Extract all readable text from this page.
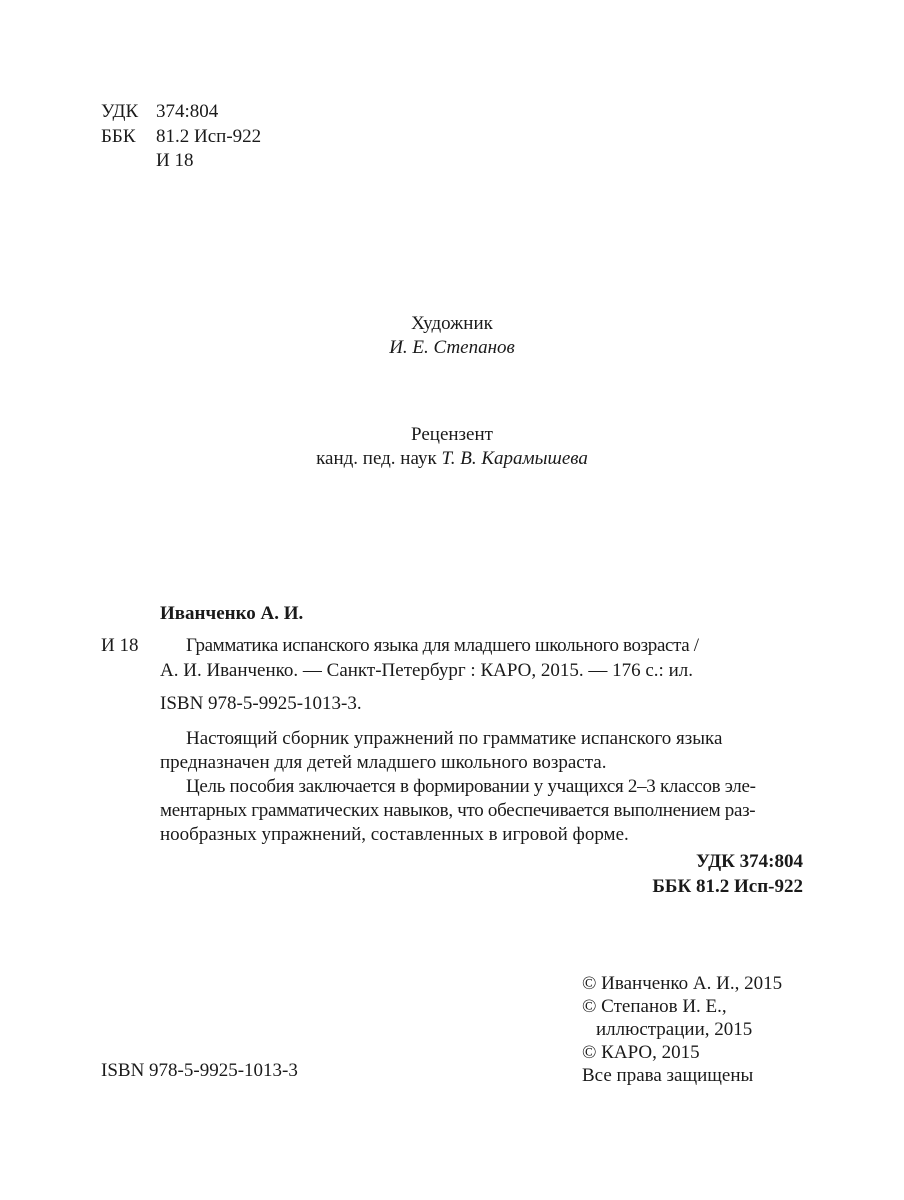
УДК 374:804
ББК 81.2 Исп-922
И 18
Художник
И. Е. Степанов
Рецензент
канд. пед. наук Т. В. Карамышева
Иванченко А. И.
И 18	Грамматика испанского языка для младшего школьного возраста /
А. И. Иванченко. — Санкт-Петербург : КАРО, 2015. — 176 с.: ил.
ISBN 978-5-9925-1013-3.
Настоящий сборник упражнений по грамматике испанского языка
предназначен для детей младшего школьного возраста.
Цель пособия заключается в формировании у учащихся 2–3 классов эле-
ментарных грамматических навыков, что обеспечивается выполнением раз-
нообразных упражнений, составленных в игровой форме.
УДК 374:804
ББК 81.2 Исп-922
© Иванченко А. И., 2015
© Степанов И. Е.,
иллюстрации, 2015
© КАРО, 2015
Все права защищены
ISBN 978-5-9925-1013-3
